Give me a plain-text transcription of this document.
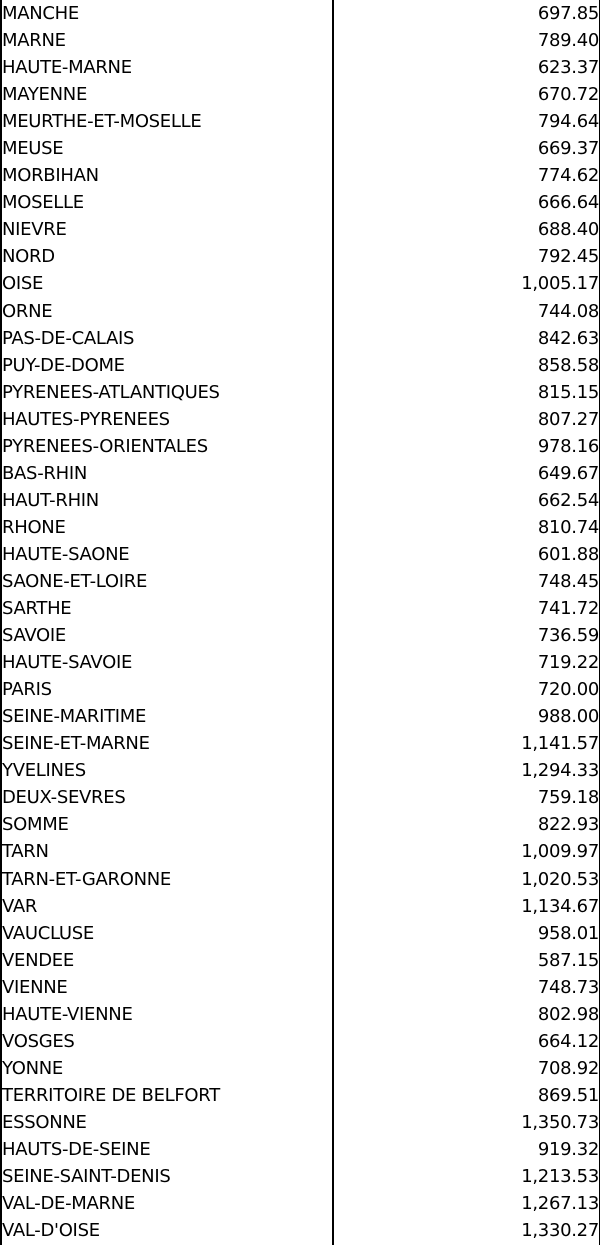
MANCHE	697.85
MARNE	789.40
HAUTE-MARNE	623.37
MAYENNE	670.72
MEURTHE-ET-MOSELLE	794.64
MEUSE	669.37
MORBIHAN	774.62
MOSELLE	666.64
NIEVRE	688.40
NORD	792.45
OISE	1,005.17
ORNE	744.08
PAS-DE-CALAIS	842.63
PUY-DE-DOME	858.58
PYRENEES-ATLANTIQUES	815.15
HAUTES-PYRENEES	807.27
PYRENEES-ORIENTALES	978.16
BAS-RHIN	649.67
HAUT-RHIN	662.54
RHONE	810.74
HAUTE-SAONE	601.88
SAONE-ET-LOIRE	748.45
SARTHE	741.72
SAVOIE	736.59
HAUTE-SAVOIE	719.22
PARIS	720.00
SEINE-MARITIME	988.00
SEINE-ET-MARNE	1,141.57
YVELINES	1,294.33
DEUX-SEVRES	759.18
SOMME	822.93
TARN	1,009.97
TARN-ET-GARONNE	1,020.53
VAR	1,134.67
VAUCLUSE	958.01
VENDEE	587.15
VIENNE	748.73
HAUTE-VIENNE	802.98
VOSGES	664.12
YONNE	708.92
TERRITOIRE DE BELFORT	869.51
ESSONNE	1,350.73
HAUTS-DE-SEINE	919.32
SEINE-SAINT-DENIS	1,213.53
VAL-DE-MARNE	1,267.13
VAL-D'OISE	1,330.27
